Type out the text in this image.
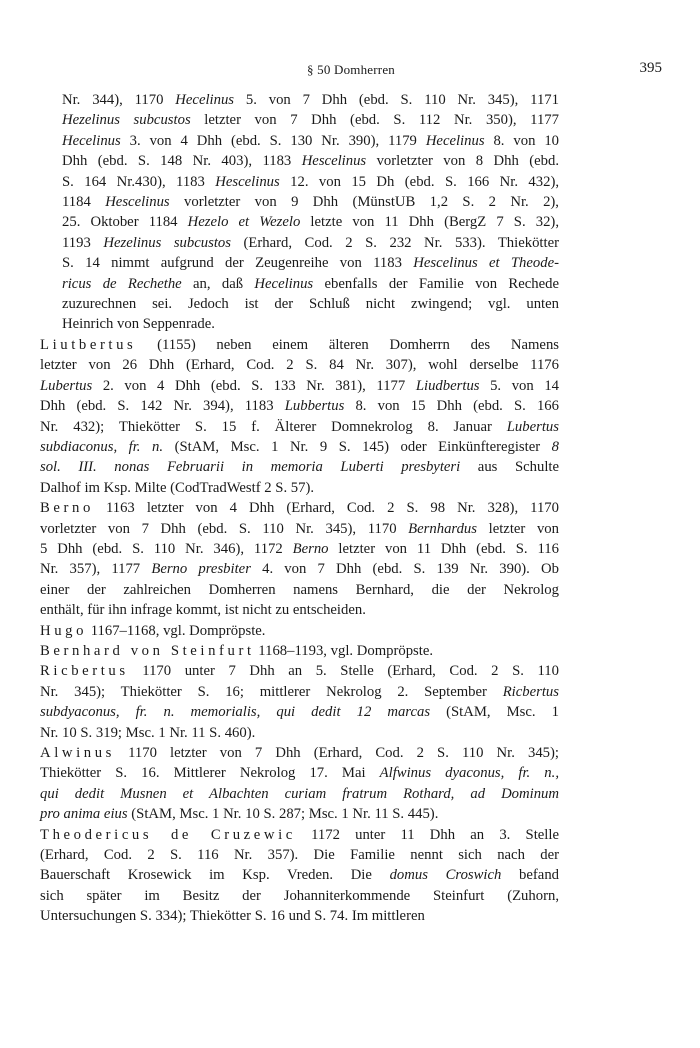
§ 50 Domherren	395
Nr. 344), 1170 Hecelinus 5. von 7 Dhh (ebd. S. 110 Nr. 345), 1171
Hezelinus subcustos letzter von 7 Dhh (ebd. S. 112 Nr. 350), 1177
Hecelinus 3. von 4 Dhh (ebd. S. 130 Nr. 390), 1179 Hecelinus 8. von 10
Dhh (ebd. S. 148 Nr. 403), 1183 Hescelinus vorletzter von 8 Dhh (ebd.
S. 164 Nr.430), 1183 Hescelinus 12. von 15 Dh (ebd. S. 166 Nr. 432),
1184 Hescelinus vorletzter von 9 Dhh (MünstUB 1,2 S. 2 Nr. 2),
25. Oktober 1184 Hezelo et Wezelo letzte von 11 Dhh (BergZ 7 S. 32),
1193 Hezelinus subcustos (Erhard, Cod. 2 S. 232 Nr. 533). Thiekötter
S. 14 nimmt aufgrund der Zeugenreihe von 1183 Hescelinus et Theode-
ricus de Rechethe an, daß Hecelinus ebenfalls der Familie von Rechede
zuzurechnen sei. Jedoch ist der Schluß nicht zwingend; vgl. unten
Heinrich von Seppenrade.
Liutbertus (1155) neben einem älteren Domherrn des Namens
letzter von 26 Dhh (Erhard, Cod. 2 S. 84 Nr. 307), wohl derselbe 1176
Lubertus 2. von 4 Dhh (ebd. S. 133 Nr. 381), 1177 Liudbertus 5. von 14
Dhh (ebd. S. 142 Nr. 394), 1183 Lubbertus 8. von 15 Dhh (ebd. S. 166
Nr. 432); Thiekötter S. 15 f. Älterer Domnekrolog 8. Januar Lubertus
subdiaconus, fr. n. (StAM, Msc. 1 Nr. 9 S. 145) oder Einkünfteregister 8
sol. III. nonas Februarii in memoria Luberti presbyteri aus Schulte
Dalhof im Ksp. Milte (CodTradWestf 2 S. 57).
Berno 1163 letzter von 4 Dhh (Erhard, Cod. 2 S. 98 Nr. 328), 1170
vorletzter von 7 Dhh (ebd. S. 110 Nr. 345), 1170 Bernhardus letzter von
5 Dhh (ebd. S. 110 Nr. 346), 1172 Berno letzter von 11 Dhh (ebd. S. 116
Nr. 357), 1177 Berno presbiter 4. von 7 Dhh (ebd. S. 139 Nr. 390). Ob
einer der zahlreichen Domherren namens Bernhard, die der Nekrolog
enthält, für ihn infrage kommt, ist nicht zu entscheiden.
Hugo 1167–1168, vgl. Dompröpste.
Bernhard von Steinfurt 1168–1193, vgl. Dompröpste.
Ricbertus 1170 unter 7 Dhh an 5. Stelle (Erhard, Cod. 2 S. 110
Nr. 345); Thiekötter S. 16; mittlerer Nekrolog 2. September Ricbertus
subdyaconus, fr. n. memorialis, qui dedit 12 marcas (StAM, Msc. 1
Nr. 10 S. 319; Msc. 1 Nr. 11 S. 460).
Alwinus 1170 letzter von 7 Dhh (Erhard, Cod. 2 S. 110 Nr. 345);
Thiekötter S. 16. Mittlerer Nekrolog 17. Mai Alfwinus dyaconus, fr. n.,
qui dedit Musnen et Albachten curiam fratrum Rothard, ad Dominum
pro anima eius (StAM, Msc. 1 Nr. 10 S. 287; Msc. 1 Nr. 11 S. 445).
Theodericus de Cruzewic 1172 unter 11 Dhh an 3. Stelle
(Erhard, Cod. 2 S. 116 Nr. 357). Die Familie nennt sich nach der
Bauerschaft Krosewick im Ksp. Vreden. Die domus Croswich befand
sich später im Besitz der Johanniterkommende Steinfurt (Zuhorn,
Untersuchungen S. 334); Thiekötter S. 16 und S. 74. Im mittleren
